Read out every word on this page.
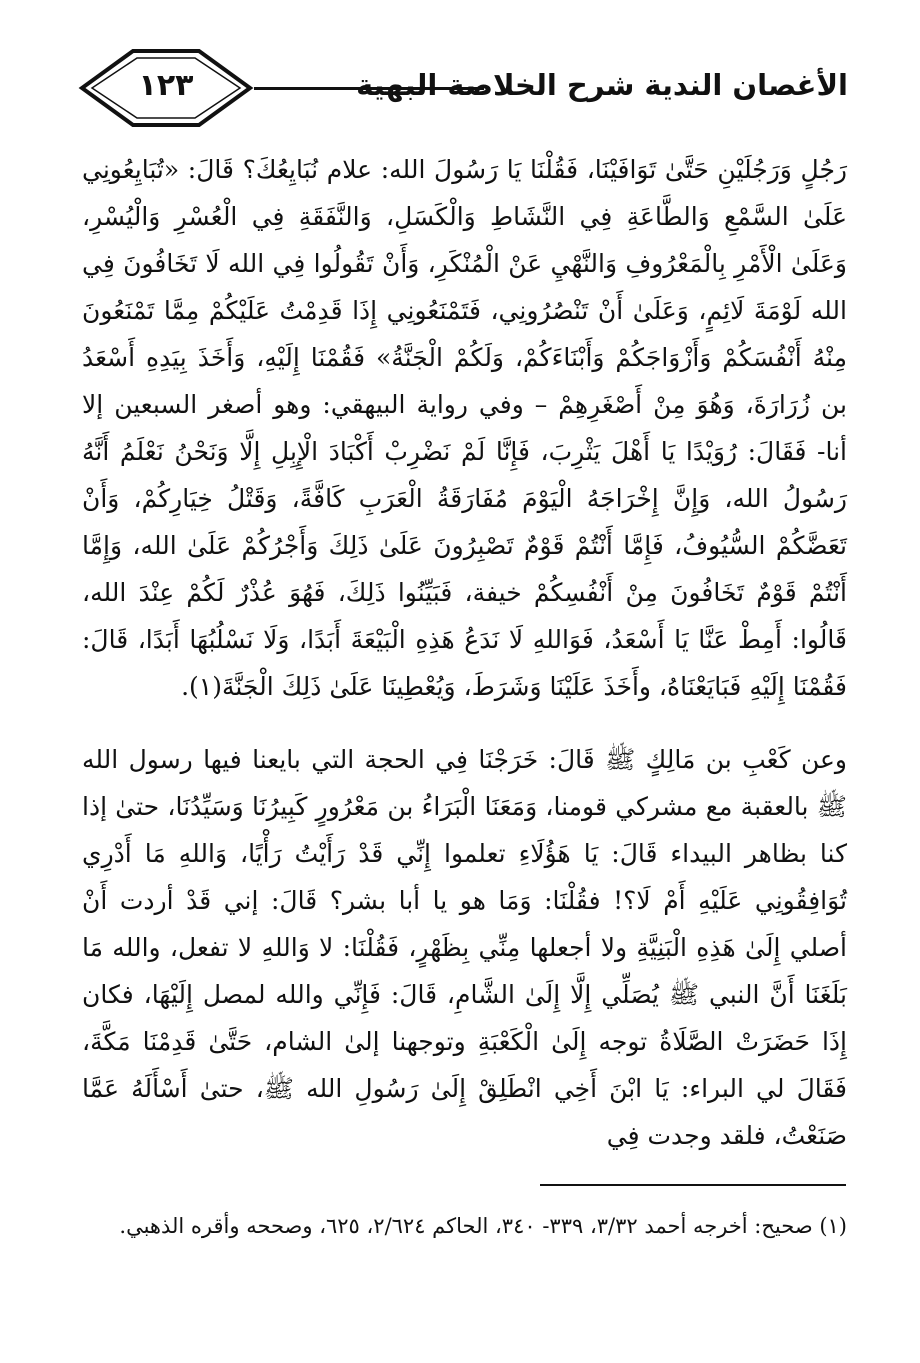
١٢٣	الأغصان الندية شرح الخلاصة البهية

رَجُلٍ وَرَجُلَيْنِ حَتَّىٰ تَوَافَيْنَا، فَقُلْنَا يَا رَسُولَ الله: علام نُبَايِعُكَ؟ قَالَ: «تُبَايِعُونِي عَلَىٰ السَّمْعِ وَالطَّاعَةِ فِي النَّشَاطِ وَالْكَسَلِ، وَالنَّفَقَةِ فِي الْعُسْرِ وَالْيُسْرِ، وَعَلَىٰ الْأَمْرِ بِالْمَعْرُوفِ وَالنَّهْيِ عَنْ الْمُنْكَرِ، وَأَنْ تَقُولُوا فِي الله لَا تَخَافُونَ فِي الله لَوْمَةَ لَائِمٍ، وَعَلَىٰ أَنْ تَنْصُرُونِي، فَتَمْنَعُونِي إِذَا قَدِمْتُ عَلَيْكُمْ مِمَّا تَمْنَعُونَ مِنْهُ أَنْفُسَكُمْ وَأَزْوَاجَكُمْ وَأَبْنَاءَكُمْ، وَلَكُمْ الْجَنَّةُ» فَقُمْنَا إِلَيْهِ، وَأَخَذَ بِيَدِهِ أَسْعَدُ بن زُرَارَةَ، وَهُوَ مِنْ أَصْغَرِهِمْ – وفي رواية البيهقي: وهو أصغر السبعين إلا أنا- فَقَالَ: رُوَيْدًا يَا أَهْلَ يَثْرِبَ، فَإِنَّا لَمْ نَضْرِبْ أَكْبَادَ الْإِبِلِ إِلَّا وَنَحْنُ نَعْلَمُ أَنَّهُ رَسُولُ الله، وَإِنَّ إِخْرَاجَهُ الْيَوْمَ مُفَارَقَةُ الْعَرَبِ كَافَّةً، وَقَتْلُ خِيَارِكُمْ، وَأَنْ تَعَضَّكُمْ السُّيُوفُ، فَإِمَّا أَنْتُمْ قَوْمٌ تَصْبِرُونَ عَلَىٰ ذَلِكَ وَأَجْرُكُمْ عَلَىٰ الله، وَإِمَّا أَنْتُمْ قَوْمٌ تَخَافُونَ مِنْ أَنْفُسِكُمْ خيفة، فَبَيِّنُوا ذَلِكَ، فَهُوَ عُذْرٌ لَكُمْ عِنْدَ الله، قَالُوا: أَمِطْ عَنَّا يَا أَسْعَدُ، فَوَاللهِ لَا نَدَعُ هَذِهِ الْبَيْعَةَ أَبَدًا، وَلَا نَسْلُبُهَا أَبَدًا، قَالَ: فَقُمْنَا إِلَيْهِ فَبَايَعْنَاهُ، وأَخَذَ عَلَيْنَا وَشَرَطَ، وَيُعْطِينَا عَلَىٰ ذَلِكَ الْجَنَّةَ(١).

وعن كَعْبِ بن مَالِكٍ ﷺ قَالَ: خَرَجْنَا فِي الحجة التي بايعنا فيها رسول الله ﷺ بالعقبة مع مشركي قومنا، وَمَعَنَا الْبَرَاءُ بن مَعْرُورٍ كَبِيرُنَا وَسَيِّدُنَا، حتىٰ إذا كنا بظاهر البيداء قَالَ: يَا هَؤُلَاءِ تعلموا إِنِّي قَدْ رَأَيْتُ رَأْيًا، وَاللهِ مَا أَدْرِي تُوَافِقُونِي عَلَيْهِ أَمْ لَا؟! فقُلْنَا: وَمَا هو يا أبا بشر؟ قَالَ: إني قَدْ أردت أَنْ أصلي إِلَىٰ هَذِهِ الْبَنِيَّةِ ولا أجعلها مِنِّي بِظَهْرٍ، فَقُلْنَا: لا وَاللهِ لا تفعل، والله مَا بَلَغَنَا أَنَّ النبي ﷺ يُصَلِّي إِلَّا إِلَىٰ الشَّامِ، قَالَ: فَإِنِّي والله لمصل إِلَيْهَا، فكان إِذَا حَضَرَتْ الصَّلَاةُ توجه إِلَىٰ الْكَعْبَةِ وتوجهنا إلىٰ الشام، حَتَّىٰ قَدِمْنَا مَكَّةَ، فَقَالَ لي البراء: يَا ابْنَ أَخِي انْطَلِقْ إِلَىٰ رَسُولِ الله ﷺ، حتىٰ أَسْأَلَهُ عَمَّا صَنَعْتُ، فلقد وجدت فِي

(١) صحيح: أخرجه أحمد ٣/٣٢، ٣٣٩- ٣٤٠، الحاكم ٢/٦٢٤، ٦٢٥، وصححه وأقره الذهبي.
